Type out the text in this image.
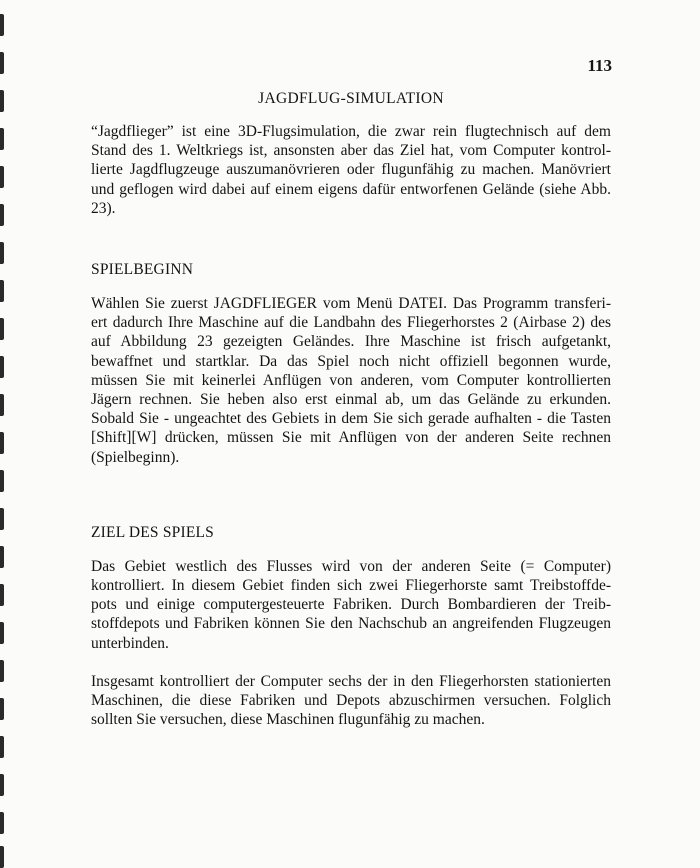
113
JAGDFLUG-SIMULATION

“Jagdflieger” ist eine 3D-Flugsimulation, die zwar rein flugtechnisch auf dem
Stand des 1. Weltkriegs ist, ansonsten aber das Ziel hat, vom Computer kontrol-
lierte Jagdflugzeuge auszumanövrieren oder flugunfähig zu machen. Manövriert
und geflogen wird dabei auf einem eigens dafür entworfenen Gelände (siehe Abb.
23).

SPIELBEGINN

Wählen Sie zuerst JAGDFLIEGER vom Menü DATEI. Das Programm transferi-
ert dadurch Ihre Maschine auf die Landbahn des Fliegerhorstes 2 (Airbase 2) des
auf Abbildung 23 gezeigten Geländes. Ihre Maschine ist frisch aufgetankt,
bewaffnet und startklar. Da das Spiel noch nicht offiziell begonnen wurde,
müssen Sie mit keinerlei Anflügen von anderen, vom Computer kontrollierten
Jägern rechnen. Sie heben also erst einmal ab, um das Gelände zu erkunden.
Sobald Sie - ungeachtet des Gebiets in dem Sie sich gerade aufhalten - die Tasten
[Shift][W] drücken, müssen Sie mit Anflügen von der anderen Seite rechnen
(Spielbeginn).

ZIEL DES SPIELS

Das Gebiet westlich des Flusses wird von der anderen Seite (= Computer)
kontrolliert. In diesem Gebiet finden sich zwei Fliegerhorste samt Treibstoffde-
pots und einige computergesteuerte Fabriken. Durch Bombardieren der Treib-
stoffdepots und Fabriken können Sie den Nachschub an angreifenden Flugzeugen
unterbinden.

Insgesamt kontrolliert der Computer sechs der in den Fliegerhorsten stationierten
Maschinen, die diese Fabriken und Depots abzuschirmen versuchen. Folglich
sollten Sie versuchen, diese Maschinen flugunfähig zu machen.
